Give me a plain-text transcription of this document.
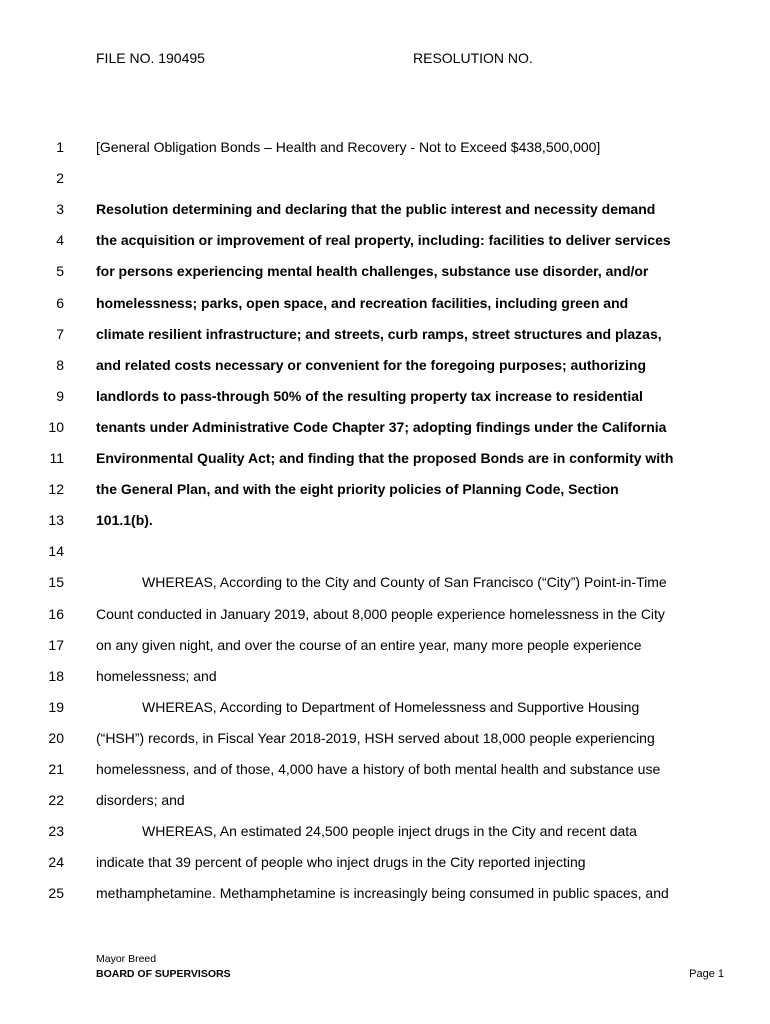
FILE NO. 190495	RESOLUTION NO.
1 [General Obligation Bonds – Health and Recovery - Not to Exceed $438,500,000]
2
3 Resolution determining and declaring that the public interest and necessity demand
4 the acquisition or improvement of real property, including: facilities to deliver services
5 for persons experiencing mental health challenges, substance use disorder, and/or
6 homelessness; parks, open space, and recreation facilities, including green and
7 climate resilient infrastructure; and streets, curb ramps, street structures and plazas,
8 and related costs necessary or convenient for the foregoing purposes; authorizing
9 landlords to pass-through 50% of the resulting property tax increase to residential
10 tenants under Administrative Code Chapter 37; adopting findings under the California
11 Environmental Quality Act; and finding that the proposed Bonds are in conformity with
12 the General Plan, and with the eight priority policies of Planning Code, Section
13 101.1(b).
14
15	WHEREAS, According to the City and County of San Francisco (“City”) Point-in-Time
16 Count conducted in January 2019, about 8,000 people experience homelessness in the City
17 on any given night, and over the course of an entire year, many more people experience
18 homelessness; and
19	WHEREAS, According to Department of Homelessness and Supportive Housing
20 (“HSH”) records, in Fiscal Year 2018-2019, HSH served about 18,000 people experiencing
21 homelessness, and of those, 4,000 have a history of both mental health and substance use
22 disorders; and
23	WHEREAS, An estimated 24,500 people inject drugs in the City and recent data
24 indicate that 39 percent of people who inject drugs in the City reported injecting
25 methamphetamine. Methamphetamine is increasingly being consumed in public spaces, and
Mayor Breed
BOARD OF SUPERVISORS	Page 1
